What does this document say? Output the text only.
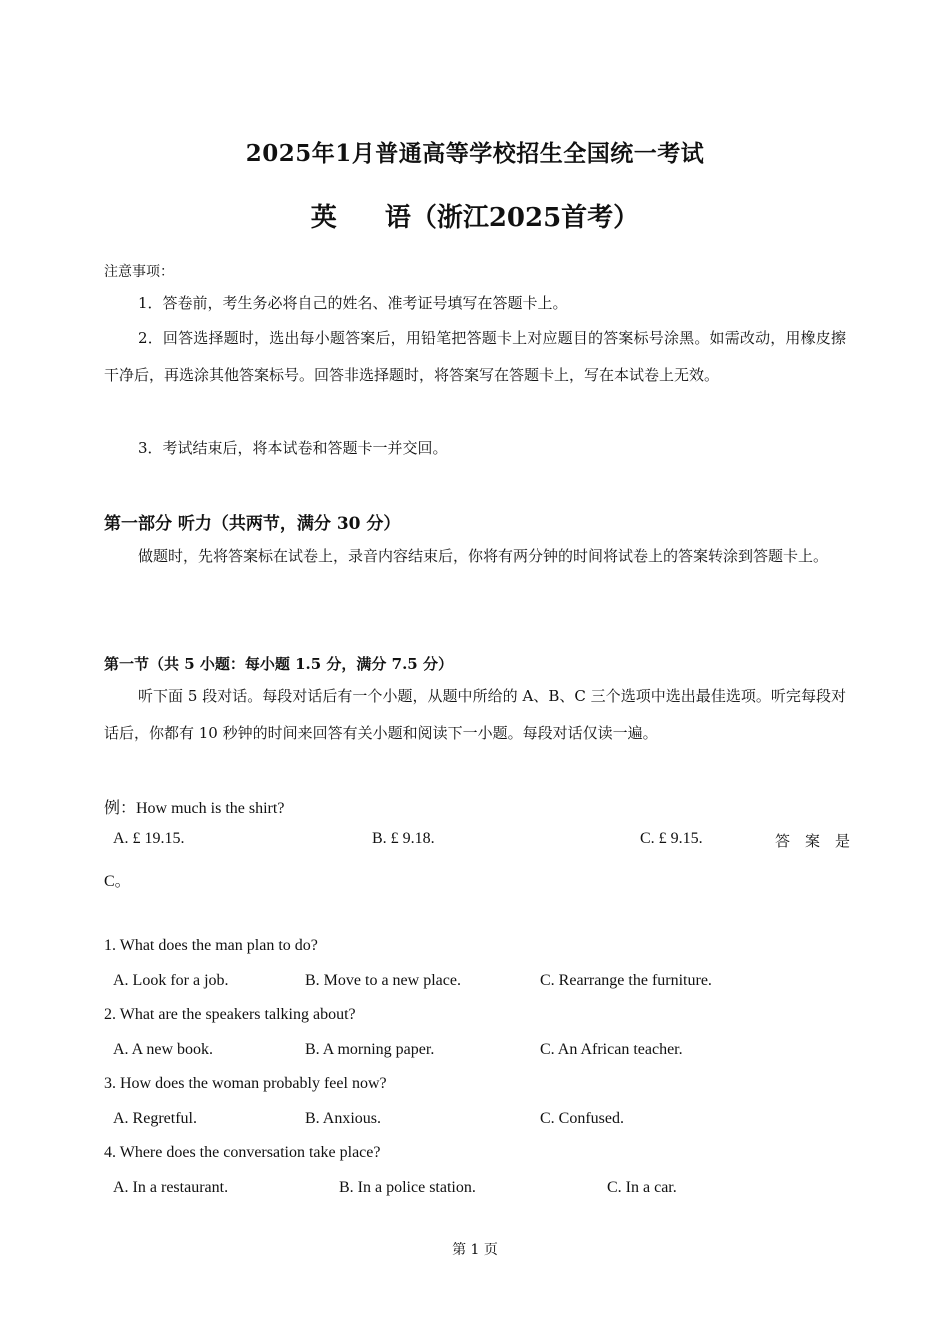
2025年1月普通高等学校招生全国统一考试
英 语（浙江2025首考）
注意事项：
1．答卷前，考生务必将自己的姓名、准考证号填写在答题卡上。
2．回答选择题时，选出每小题答案后，用铅笔把答题卡上对应题目的答案标号涂黑。如需改动，用橡皮擦干净后，再选涂其他答案标号。回答非选择题时，将答案写在答题卡上，写在本试卷上无效。
3．考试结束后，将本试卷和答题卡一并交回。
第一部分 听力（共两节，满分 30 分）
做题时，先将答案标在试卷上，录音内容结束后，你将有两分钟的时间将试卷上的答案转涂到答题卡上。
第一节（共 5 小题：每小题 1.5 分，满分 7.5 分）
听下面 5 段对话。每段对话后有一个小题，从题中所给的 A、B、C 三个选项中选出最佳选项。听完每段对话后，你都有 10 秒钟的时间来回答有关小题和阅读下一小题。每段对话仅读一遍。
例：How much is the shirt?
A. £ 19.15.	B. £ 9.18.	C. £ 9.15.	答　案　是
C。
1. What does the man plan to do?
A. Look for a job.	B. Move to a new place.	C. Rearrange the furniture.
2. What are the speakers talking about?
A. A new book.	B. A morning paper.	C. An African teacher.
3. How does the woman probably feel now?
A. Regretful.	B. Anxious.	C. Confused.
4. Where does the conversation take place?
A. In a restaurant.	B. In a police station.	C. In a car.
第 1 页
